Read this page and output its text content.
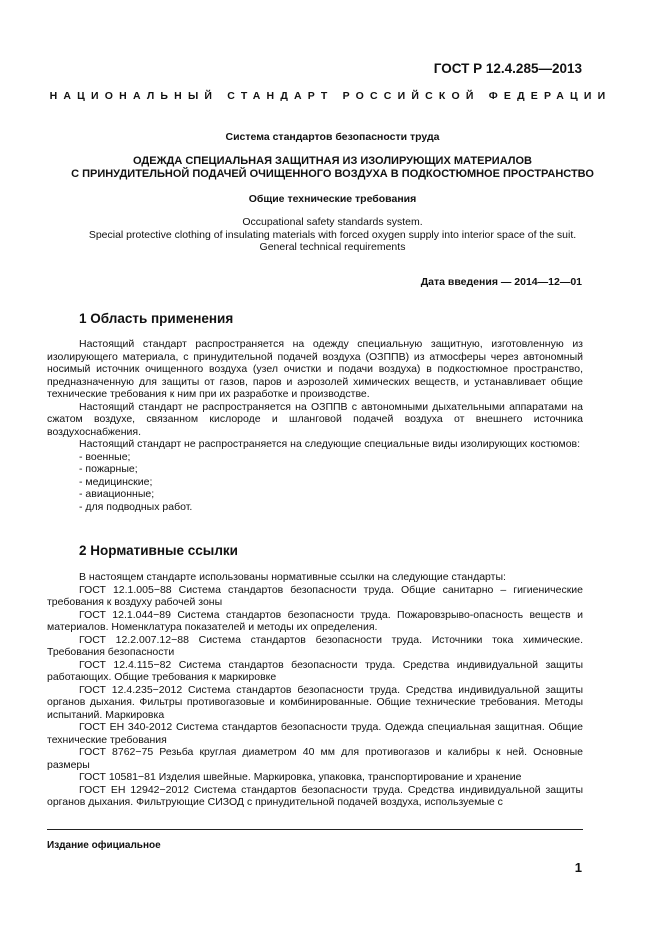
ГОСТ Р 12.4.285—2013
НАЦИОНАЛЬНЫЙ СТАНДАРТ РОССИЙСКОЙ ФЕДЕРАЦИИ
Система стандартов безопасности труда
ОДЕЖДА СПЕЦИАЛЬНАЯ ЗАЩИТНАЯ ИЗ ИЗОЛИРУЮЩИХ МАТЕРИАЛОВ
С ПРИНУДИТЕЛЬНОЙ ПОДАЧЕЙ ОЧИЩЕННОГО ВОЗДУХА В ПОДКОСТЮМНОЕ ПРОСТРАНСТВО
Общие технические требования
Occupational safety standards system.
Special protective clothing of insulating materials with forced oxygen supply into interior space of the suit.
General technical requirements
Дата введения — 2014—12—01
1 Область применения

Настоящий стандарт распространяется на одежду специальную защитную, изготовленную из изолирующего материала, с принудительной подачей воздуха (ОЗППВ) из атмосферы через автономный носимый источник очищенного воздуха (узел очистки и подачи воздуха) в подкостюмное пространство, предназначенную для защиты от газов, паров и аэрозолей химических веществ, и устанавливает общие технические требования к ним при их разработке и производстве.

Настоящий стандарт не распространяется на ОЗППВ с автономными дыхательными аппаратами на сжатом воздухе, связанном кислороде и шланговой подачей воздуха от внешнего источника воздухоснабжения.

Настоящий стандарт не распространяется на следующие специальные виды изолирующих костюмов:

- военные;
- пожарные;
- медицинские;
- авиационные;
- для подводных работ.
2 Нормативные ссылки

В настоящем стандарте использованы нормативные ссылки на следующие стандарты:

ГОСТ 12.1.005−88 Система стандартов безопасности труда. Общие санитарно – гигиенические требования к воздуху рабочей зоны

ГОСТ 12.1.044−89 Система стандартов безопасности труда. Пожаровзрыво-опасность веществ и материалов. Номенклатура показателей и методы их определения.

ГОСТ 12.2.007.12−88 Система стандартов безопасности труда. Источники тока химические. Требования безопасности

ГОСТ 12.4.115−82 Система стандартов безопасности труда. Средства индивидуальной защиты работающих. Общие требования к маркировке

ГОСТ 12.4.235−2012 Система стандартов безопасности труда. Средства индивидуальной защиты органов дыхания. Фильтры противогазовые и комбинированные. Общие технические требования. Методы испытаний. Маркировка

ГОСТ ЕН 340-2012 Система стандартов безопасности труда. Одежда специальная защитная. Общие технические требования

ГОСТ 8762−75 Резьба круглая диаметром 40 мм для противогазов и калибры к ней. Основные размеры

ГОСТ 10581−81 Изделия швейные. Маркировка, упаковка, транспортирование и хранение

ГОСТ ЕН 12942−2012 Система стандартов безопасности труда. Средства индивидуальной защиты органов дыхания. Фильтрующие СИЗОД с принудительной подачей воздуха, используемые с

Издание официальное
1
